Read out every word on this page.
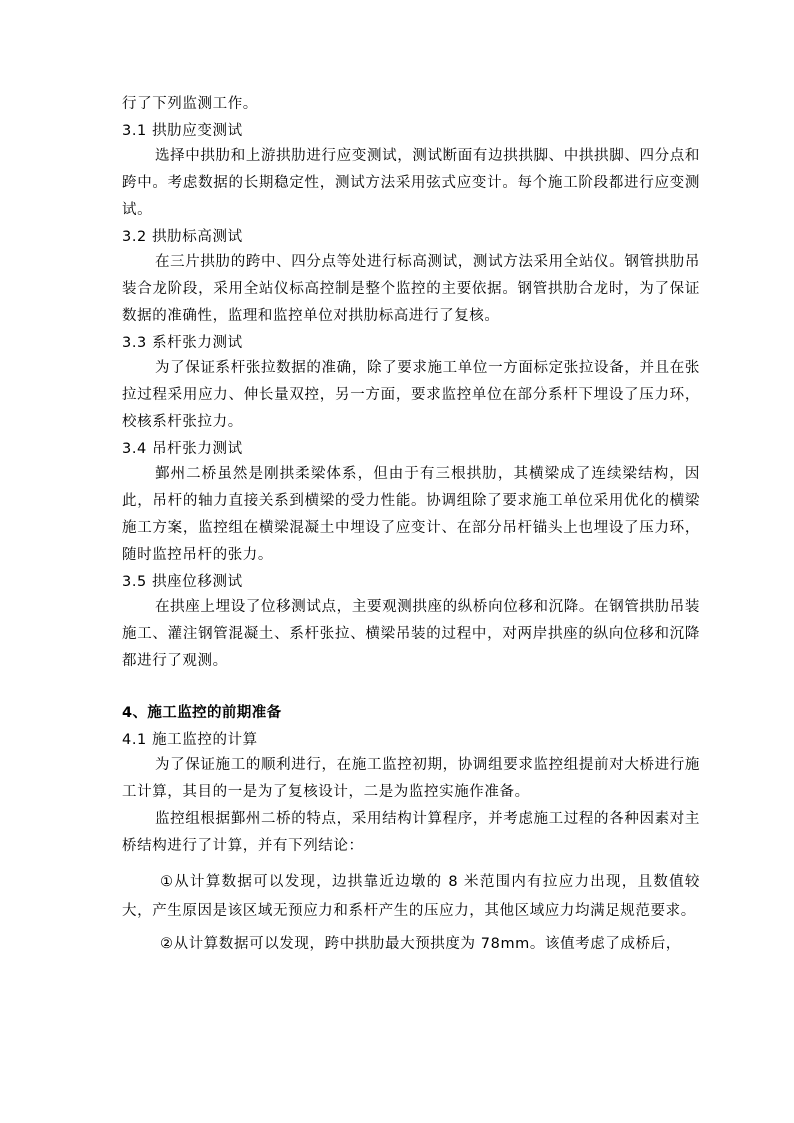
行了下列监测工作。
3.1 拱肋应变测试
选择中拱肋和上游拱肋进行应变测试，测试断面有边拱拱脚、中拱拱脚、四分点和跨中。考虑数据的长期稳定性，测试方法采用弦式应变计。每个施工阶段都进行应变测试。
3.2 拱肋标高测试
在三片拱肋的跨中、四分点等处进行标高测试，测试方法采用全站仪。钢管拱肋吊装合龙阶段，采用全站仪标高控制是整个监控的主要依据。钢管拱肋合龙时，为了保证数据的准确性，监理和监控单位对拱肋标高进行了复核。
3.3 系杆张力测试
为了保证系杆张拉数据的准确，除了要求施工单位一方面标定张拉设备，并且在张拉过程采用应力、伸长量双控，另一方面，要求监控单位在部分系杆下埋设了压力环，校核系杆张拉力。
3.4 吊杆张力测试
鄞州二桥虽然是刚拱柔梁体系，但由于有三根拱肋，其横梁成了连续梁结构，因此，吊杆的轴力直接关系到横梁的受力性能。协调组除了要求施工单位采用优化的横梁施工方案，监控组在横梁混凝土中埋设了应变计、在部分吊杆锚头上也埋设了压力环，随时监控吊杆的张力。
3.5 拱座位移测试
在拱座上埋设了位移测试点，主要观测拱座的纵桥向位移和沉降。在钢管拱肋吊装施工、灌注钢管混凝土、系杆张拉、横梁吊装的过程中，对两岸拱座的纵向位移和沉降都进行了观测。
4、施工监控的前期准备
4.1 施工监控的计算
为了保证施工的顺利进行，在施工监控初期，协调组要求监控组提前对大桥进行施工计算，其目的一是为了复核设计，二是为监控实施作准备。
监控组根据鄞州二桥的特点，采用结构计算程序，并考虑施工过程的各种因素对主桥结构进行了计算，并有下列结论：
①从计算数据可以发现，边拱靠近边墩的 8 米范围内有拉应力出现，且数值较大，产生原因是该区域无预应力和系杆产生的压应力，其他区域应力均满足规范要求。
②从计算数据可以发现，跨中拱肋最大预拱度为 78mm。该值考虑了成桥后，
